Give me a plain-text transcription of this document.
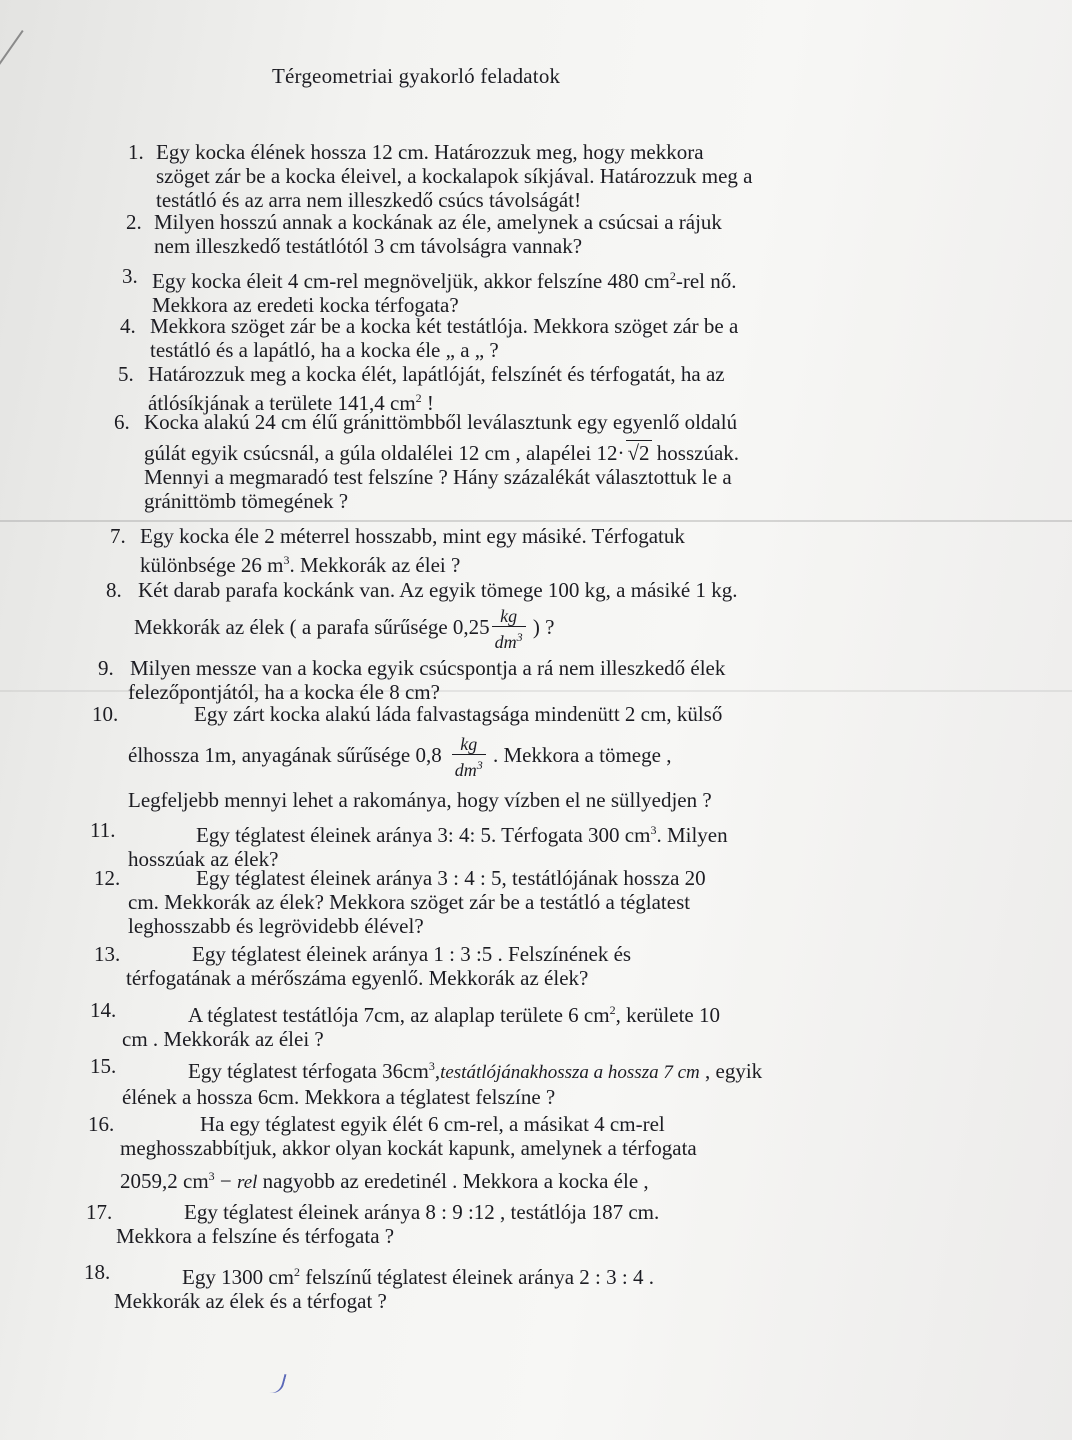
Térgeometriai gyakorló feladatok
1. Egy kocka élének hossza 12 cm. Határozzuk meg, hogy mekkora
szöget zár be a kocka éleivel, a kockalapok síkjával. Határozzuk meg a
testátló és az arra nem illeszkedő csúcs távolságát!
2. Milyen hosszú annak a kockának az éle, amelynek a csúcsai a rájuk
nem illeszkedő testátlótól 3 cm távolságra vannak?
3. Egy kocka éleit 4 cm-rel megnöveljük, akkor felszíne 480 $cm^2$-rel nő.
Mekkora az eredeti kocka térfogata?
4. Mekkora szöget zár be a kocka két testátlója. Mekkora szöget zár be a
testátló és a lapátló, ha a kocka éle „ a „ ?
5. Határozzuk meg a kocka élét, lapátlóját, felszínét és térfogatát, ha az
átlósíkjának a területe 141,4 $cm^2$ !
6. Kocka alakú 24 cm élű gránittömbből leválasztunk egy egyenlő oldalú
gúlát egyik csúcsnál, a gúla oldalélei 12 cm , alapélei 12· √2 hosszúak.
Mennyi a megmaradó test felszíne ? Hány százalékát választottuk le a
gránittömb tömegének ?
7. Egy kocka éle 2 méterrel hosszabb, mint egy másiké. Térfogatuk
különbsége 26 $m^3$. Mekkorák az élei ?
8. Két darab parafa kockánk van. Az egyik tömege 100 kg, a másiké 1 kg.
Mekkorák az élek ( a parafa sűrűsége $0,25 \frac{kg}{dm^3}$ ) ?
9. Milyen messze van a kocka egyik csúcspontja a rá nem illeszkedő élek
felezőpontjától, ha a kocka éle 8 cm?
10.	Egy zárt kocka alakú láda falvastagsága mindenütt 2 cm, külső
élhossza 1m, anyagának sűrűsége $0,8 \frac{kg}{dm^3}$ . Mekkora a tömege ,
Legfeljebb mennyi lehet a rakománya, hogy vízben el ne süllyedjen ?
11.	Egy téglatest éleinek aránya 3: 4: 5. Térfogata 300 $cm^3$. Milyen
hosszúak az élek?
12.	Egy téglatest éleinek aránya 3 : 4 : 5, testátlójának hossza 20
cm. Mekkorák az élek? Mekkora szöget zár be a testátló a téglatest
leghosszabb és legrövidebb élével?
13.	Egy téglatest éleinek aránya 1 : 3 :5 . Felszínének és
térfogatának a mérőszáma egyenlő. Mekkorák az élek?
14.	A téglatest testátlója 7cm, az alaplap területe 6 $cm^2$, kerülete 10
cm . Mekkorák az élei ?
15.	Egy téglatest térfogata $36cm^3,testátlójánakhossza$ a hossza 7 cm , egyik
élének a hossza 6cm. Mekkora a téglatest felszíne ?
16.	Ha egy téglatest egyik élét 6 cm-rel, a másikat 4 cm-rel
meghosszabbítjuk, akkor olyan kockát kapunk, amelynek a térfogata
2059,2 $cm^3$ − rel nagyobb az eredetinél . Mekkora a kocka éle ,
17.	Egy téglatest éleinek aránya 8 : 9 :12 , testátlója 187 cm.
Mekkora a felszíne és térfogata ?
18.	Egy 1300 $cm^2$ felszínű téglatest éleinek aránya 2 : 3 : 4 .
Mekkorák az élek és a térfogat ?
